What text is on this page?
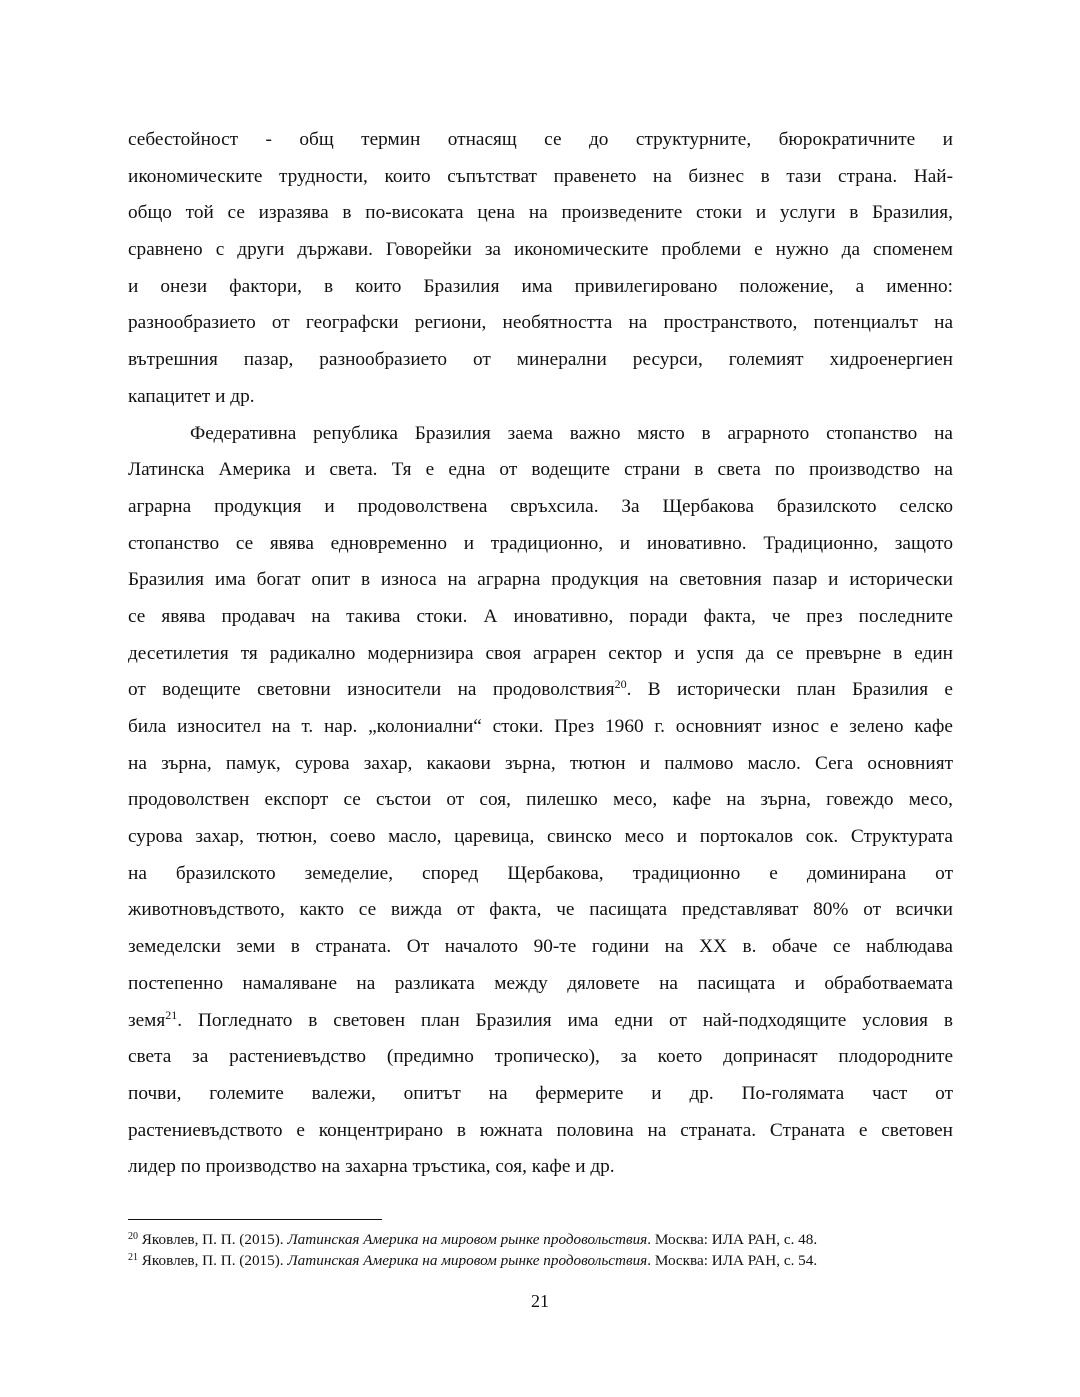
себестойност - общ термин отнасящ се до структурните, бюрократичните и
икономическите трудности, които съпътстват правенето на бизнес в тази страна. Най-
общо той се изразява в по-високата цена на произведените стоки и услуги в Бразилия,
сравнено с други държави. Говорейки за икономическите проблеми е нужно да споменем
и онези фактори, в които Бразилия има привилегировано положение, а именно:
разнообразието от географски региони, необятността на пространството, потенциалът на
вътрешния пазар, разнообразието от минерални ресурси, големият хидроенергиен
капацитет и др.
Федеративна република Бразилия заема важно място в аграрното стопанство на
Латинска Америка и света. Тя е една от водещите страни в света по производство на
аграрна продукция и продоволствена свръхсила. За Щербакова бразилското селско
стопанство се явява едновременно и традиционно, и иновативно. Традиционно, защото
Бразилия има богат опит в износа на аграрна продукция на световния пазар и исторически
се явява продавач на такива стоки. А иновативно, поради факта, че през последните
десетилетия тя радикално модернизира своя аграрен сектор и успя да се превърне в един
от водещите световни износители на продоволствия$^{20}$. В исторически план Бразилия е
била износител на т. нар. „колониални“ стоки. През 1960 г. основният износ е зелено кафе
на зърна, памук, сурова захар, какаови зърна, тютюн и палмово масло. Сега основният
продоволствен експорт се състои от соя, пилешко месо, кафе на зърна, говеждо месо,
сурова захар, тютюн, соево масло, царевица, свинско месо и портокалов сок. Структурата
на бразилското земеделие, според Щербакова, традиционно е доминирана от
животновъдството, както се вижда от факта, че пасищата представляват 80% от всички
земеделски земи в страната. От началото 90-те години на XX в. обаче се наблюдава
постепенно намаляване на разликата между дяловете на пасищата и обработваемата
земя$^{21}$. Погледнато в световен план Бразилия има едни от най-подходящите условия в
света за растениевъдство (предимно тропическо), за което допринасят плодородните
почви, големите валежи, опитът на фермерите и др. По-голямата част от
растениевъдството е концентрирано в южната половина на страната. Страната е световен
лидер по производство на захарна тръстика, соя, кафе и др.
$^{20}$ Яковлев, П. П. (2015). Латинская Америка на мировом рынке продовольствия. Москва: ИЛА РАН, с. 48.
$^{21}$ Яковлев, П. П. (2015). Латинская Америка на мировом рынке продовольствия. Москва: ИЛА РАН, с. 54.
21
